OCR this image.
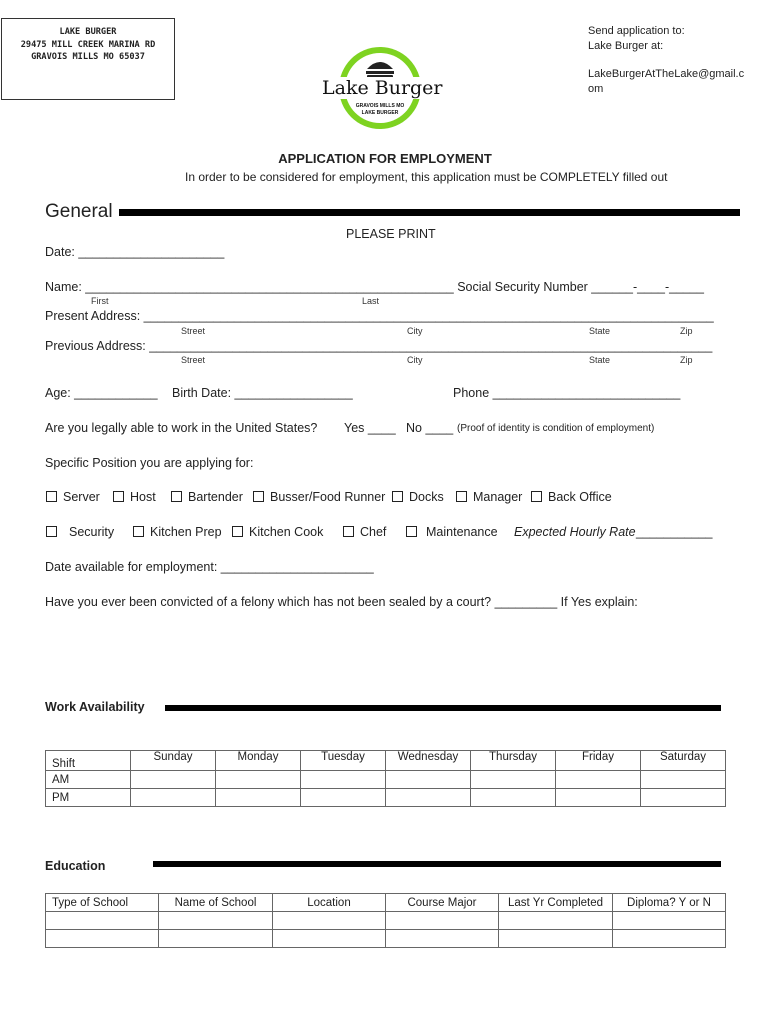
LAKE BURGER
29475 MILL CREEK MARINA RD
GRAVOIS MILLS MO 65037
Lake Burger
GRAVOIS MILLS MO
LAKE BURGER
Send application to:
Lake Burger at:
LakeBurgerAtTheLake@gmail.c
om
APPLICATION FOR EMPLOYMENT
In order to be considered for employment, this application must be COMPLETELY filled out
General
PLEASE PRINT
Date: _____________________
Name: _____________________________________________________ Social Security Number ______-____-_____
First	Last
Present Address: __________________________________________________________________________________
Street	City	State	Zip
Previous Address: _________________________________________________________________________________
Street	City	State	Zip
Age: ____________ Birth Date: _________________	Phone ___________________________
Are you legally able to work in the United States? Yes ____ No ____ (Proof of identity is condition of employment)
Specific Position you are applying for:
Server	Host	Bartender	Busser/Food Runner	Docks	Manager	Back Office
Security	Kitchen Prep	Kitchen Cook	Chef	Maintenance Expected Hourly Rate ___________
Date available for employment: ______________________
Have you ever been convicted of a felony which has not been sealed by a court? _________ If Yes explain:
Work Availability
Shift	Sunday	Monday	Tuesday	Wednesday	Thursday	Friday	Saturday
AM							
PM							
Education
Type of School	Name of School	Location	Course Major	Last Yr Completed	Diploma? Y or N
